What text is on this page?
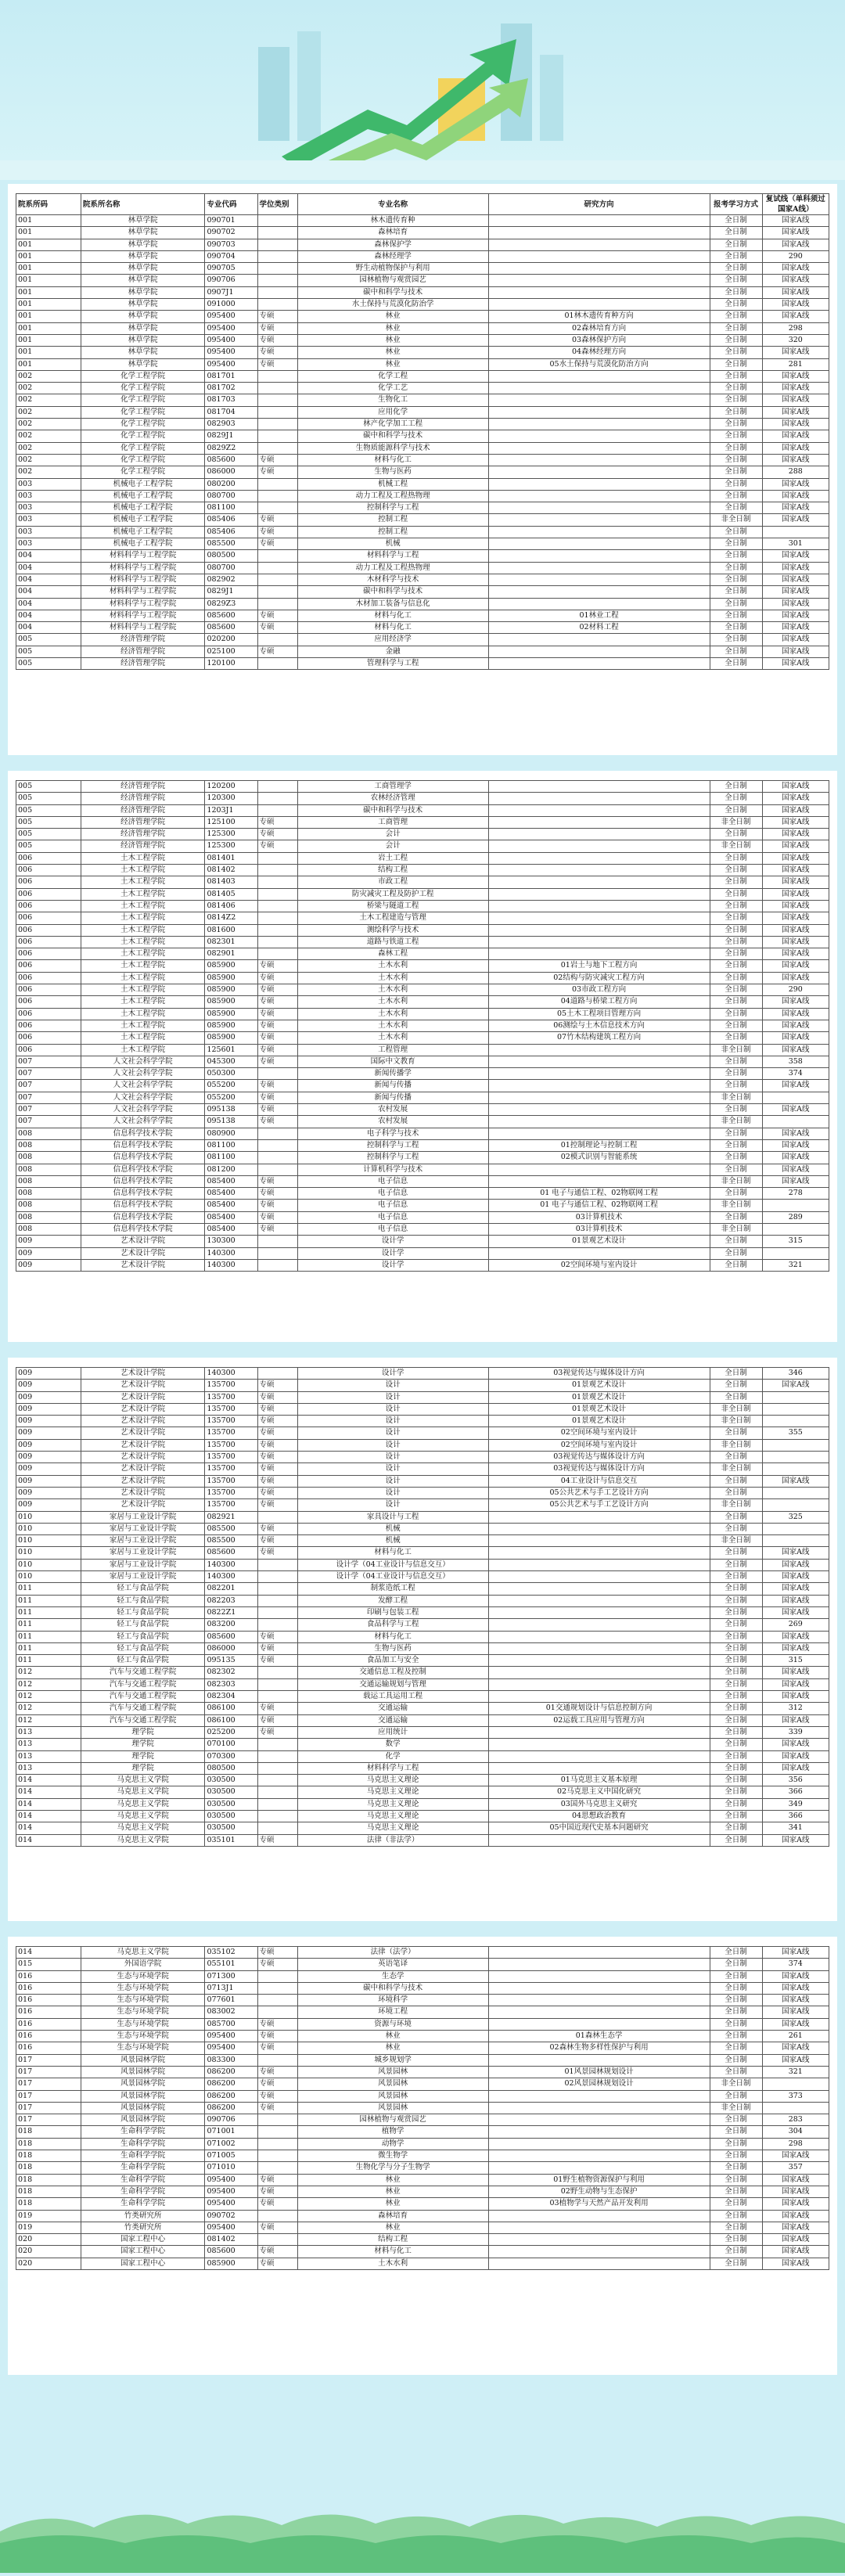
院系所码	院系所名称	专业代码	学位类别	专业名称	研究方向	报考学习方式	复试线（单科须过国家A线）
001	林草学院	090701		林木遗传育种		全日制	国家A线
001	林草学院	090702		森林培育		全日制	国家A线
001	林草学院	090703		森林保护学		全日制	国家A线
001	林草学院	090704		森林经理学		全日制	290
001	林草学院	090705		野生动植物保护与利用		全日制	国家A线
001	林草学院	090706		园林植物与观赏园艺		全日制	国家A线
001	林草学院	0907J1		碳中和科学与技术		全日制	国家A线
001	林草学院	091000		水土保持与荒漠化防治学		全日制	国家A线
001	林草学院	095400	专硕	林业	01林木遗传育种方向	全日制	国家A线
001	林草学院	095400	专硕	林业	02森林培育方向	全日制	298
001	林草学院	095400	专硕	林业	03森林保护方向	全日制	320
001	林草学院	095400	专硕	林业	04森林经理方向	全日制	国家A线
001	林草学院	095400	专硕	林业	05水土保持与荒漠化防治方向	全日制	281
002	化学工程学院	081701		化学工程		全日制	国家A线
002	化学工程学院	081702		化学工艺		全日制	国家A线
002	化学工程学院	081703		生物化工		全日制	国家A线
002	化学工程学院	081704		应用化学		全日制	国家A线
002	化学工程学院	082903		林产化学加工工程		全日制	国家A线
002	化学工程学院	0829J1		碳中和科学与技术		全日制	国家A线
002	化学工程学院	0829Z2		生物质能源科学与技术		全日制	国家A线
002	化学工程学院	085600	专硕	材料与化工		全日制	国家A线
002	化学工程学院	086000	专硕	生物与医药		全日制	288
003	机械电子工程学院	080200		机械工程		全日制	国家A线
003	机械电子工程学院	080700		动力工程及工程热物理		全日制	国家A线
003	机械电子工程学院	081100		控制科学与工程		全日制	国家A线
003	机械电子工程学院	085406	专硕	控制工程		非全日制	国家A线
003	机械电子工程学院	085406	专硕	控制工程		全日制	
003	机械电子工程学院	085500	专硕	机械		全日制	301
004	材料科学与工程学院	080500		材料科学与工程		全日制	国家A线
004	材料科学与工程学院	080700		动力工程及工程热物理		全日制	国家A线
004	材料科学与工程学院	082902		木材科学与技术		全日制	国家A线
004	材料科学与工程学院	0829J1		碳中和科学与技术		全日制	国家A线
004	材料科学与工程学院	0829Z3		木材加工装备与信息化		全日制	国家A线
004	材料科学与工程学院	085600	专硕	材料与化工	01林业工程	全日制	国家A线
004	材料科学与工程学院	085600	专硕	材料与化工	02材料工程	全日制	国家A线
005	经济管理学院	020200		应用经济学		全日制	国家A线
005	经济管理学院	025100	专硕	金融		全日制	国家A线
005	经济管理学院	120100		管理科学与工程		全日制	国家A线
005	经济管理学院	120200		工商管理学		全日制	国家A线
005	经济管理学院	120300		农林经济管理		全日制	国家A线
005	经济管理学院	1203J1		碳中和科学与技术		全日制	国家A线
005	经济管理学院	125100	专硕	工商管理		非全日制	国家A线
005	经济管理学院	125300	专硕	会计		全日制	国家A线
005	经济管理学院	125300	专硕	会计		非全日制	国家A线
006	土木工程学院	081401		岩土工程		全日制	国家A线
006	土木工程学院	081402		结构工程		全日制	国家A线
006	土木工程学院	081403		市政工程		全日制	国家A线
006	土木工程学院	081405		防灾减灾工程及防护工程		全日制	国家A线
006	土木工程学院	081406		桥梁与隧道工程		全日制	国家A线
006	土木工程学院	0814Z2		土木工程建造与管理		全日制	国家A线
006	土木工程学院	081600		测绘科学与技术		全日制	国家A线
006	土木工程学院	082301		道路与铁道工程		全日制	国家A线
006	土木工程学院	082901		森林工程		全日制	国家A线
006	土木工程学院	085900	专硕	土木水利	01岩土与地下工程方向	全日制	国家A线
006	土木工程学院	085900	专硕	土木水利	02结构与防灾减灾工程方向	全日制	国家A线
006	土木工程学院	085900	专硕	土木水利	03市政工程方向	全日制	290
006	土木工程学院	085900	专硕	土木水利	04道路与桥梁工程方向	全日制	国家A线
006	土木工程学院	085900	专硕	土木水利	05土木工程项目管理方向	全日制	国家A线
006	土木工程学院	085900	专硕	土木水利	06测绘与土木信息技术方向	全日制	国家A线
006	土木工程学院	085900	专硕	土木水利	07竹木结构建筑工程方向	全日制	国家A线
006	土木工程学院	125601	专硕	工程管理		非全日制	国家A线
007	人文社会科学学院	045300	专硕	国际中文教育		全日制	358
007	人文社会科学学院	050300		新闻传播学		全日制	374
007	人文社会科学学院	055200	专硕	新闻与传播		全日制	国家A线
007	人文社会科学学院	055200	专硕	新闻与传播		非全日制	
007	人文社会科学学院	095138	专硕	农村发展		全日制	国家A线
007	人文社会科学学院	095138	专硕	农村发展		非全日制	
008	信息科学技术学院	080900		电子科学与技术		全日制	国家A线
008	信息科学技术学院	081100		控制科学与工程	01控制理论与控制工程	全日制	国家A线
008	信息科学技术学院	081100		控制科学与工程	02模式识别与智能系统	全日制	国家A线
008	信息科学技术学院	081200		计算机科学与技术		全日制	国家A线
008	信息科学技术学院	085400	专硕	电子信息		非全日制	国家A线
008	信息科学技术学院	085400	专硕	电子信息	01 电子与通信工程、02物联网工程	全日制	278
008	信息科学技术学院	085400	专硕	电子信息	01 电子与通信工程、02物联网工程	非全日制	
008	信息科学技术学院	085400	专硕	电子信息	03计算机技术	全日制	289
008	信息科学技术学院	085400	专硕	电子信息	03计算机技术	非全日制	
009	艺术设计学院	130300		设计学	01景观艺术设计	全日制	315
009	艺术设计学院	140300		设计学		全日制	
009	艺术设计学院	140300		设计学	02空间环境与室内设计	全日制	321
009	艺术设计学院	140300		设计学	03视觉传达与媒体设计方向	全日制	346
009	艺术设计学院	135700	专硕	设计	01景观艺术设计	全日制	国家A线
009	艺术设计学院	135700	专硕	设计	01景观艺术设计	全日制	
009	艺术设计学院	135700	专硕	设计	01景观艺术设计	非全日制	
009	艺术设计学院	135700	专硕	设计	01景观艺术设计	非全日制	
009	艺术设计学院	135700	专硕	设计	02空间环境与室内设计	全日制	355
009	艺术设计学院	135700	专硕	设计	02空间环境与室内设计	非全日制	
009	艺术设计学院	135700	专硕	设计	03视觉传达与媒体设计方向	全日制	
009	艺术设计学院	135700	专硕	设计	03视觉传达与媒体设计方向	非全日制	
009	艺术设计学院	135700	专硕	设计	04工业设计与信息交互	全日制	国家A线
009	艺术设计学院	135700	专硕	设计	05公共艺术与手工艺设计方向	全日制	
009	艺术设计学院	135700	专硕	设计	05公共艺术与手工艺设计方向	非全日制	
010	家居与工业设计学院	082921		家具设计与工程		全日制	325
010	家居与工业设计学院	085500	专硕	机械		全日制	
010	家居与工业设计学院	085500	专硕	机械		非全日制	
010	家居与工业设计学院	085600	专硕	材料与化工		全日制	国家A线
010	家居与工业设计学院	140300		设计学（04工业设计与信息交互）		全日制	国家A线
010	家居与工业设计学院	140300		设计学（04工业设计与信息交互）		全日制	国家A线
011	轻工与食品学院	082201		制浆造纸工程		全日制	国家A线
011	轻工与食品学院	082203		发酵工程		全日制	国家A线
011	轻工与食品学院	0822Z1		印刷与包装工程		全日制	国家A线
011	轻工与食品学院	083200		食品科学与工程		全日制	269
011	轻工与食品学院	085600	专硕	材料与化工		全日制	国家A线
011	轻工与食品学院	086000	专硕	生物与医药		全日制	国家A线
011	轻工与食品学院	095135	专硕	食品加工与安全		全日制	315
012	汽车与交通工程学院	082302		交通信息工程及控制		全日制	国家A线
012	汽车与交通工程学院	082303		交通运输规划与管理		全日制	国家A线
012	汽车与交通工程学院	082304		载运工具运用工程		全日制	国家A线
012	汽车与交通工程学院	086100	专硕	交通运输	01交通规划设计与信息控制方向	全日制	312
012	汽车与交通工程学院	086100	专硕	交通运输	02运载工具应用与管理方向	全日制	国家A线
013	理学院	025200	专硕	应用统计		全日制	339
013	理学院	070100		数学		全日制	国家A线
013	理学院	070300		化学		全日制	国家A线
013	理学院	080500		材料科学与工程		全日制	国家A线
014	马克思主义学院	030500		马克思主义理论	01马克思主义基本原理	全日制	356
014	马克思主义学院	030500		马克思主义理论	02马克思主义中国化研究	全日制	366
014	马克思主义学院	030500		马克思主义理论	03国外马克思主义研究	全日制	349
014	马克思主义学院	030500		马克思主义理论	04思想政治教育	全日制	366
014	马克思主义学院	030500		马克思主义理论	05中国近现代史基本问题研究	全日制	341
014	马克思主义学院	035101	专硕	法律（非法学）		全日制	国家A线
014	马克思主义学院	035102	专硕	法律（法学）		全日制	国家A线
015	外国语学院	055101	专硕	英语笔译		全日制	374
016	生态与环境学院	071300		生态学		全日制	国家A线
016	生态与环境学院	0713J1		碳中和科学与技术		全日制	国家A线
016	生态与环境学院	077601		环境科学		全日制	国家A线
016	生态与环境学院	083002		环境工程		全日制	国家A线
016	生态与环境学院	085700	专硕	资源与环境		全日制	国家A线
016	生态与环境学院	095400	专硕	林业	01森林生态学	全日制	261
016	生态与环境学院	095400	专硕	林业	02森林生物多样性保护与利用	全日制	国家A线
017	风景园林学院	083300		城乡规划学		全日制	国家A线
017	风景园林学院	086200	专硕	风景园林	01风景园林规划设计	全日制	321
017	风景园林学院	086200	专硕	风景园林	02风景园林规划设计	非全日制	
017	风景园林学院	086200	专硕	风景园林		全日制	373
017	风景园林学院	086200	专硕	风景园林		非全日制	
017	风景园林学院	090706		园林植物与观赏园艺		全日制	283
018	生命科学学院	071001		植物学		全日制	304
018	生命科学学院	071002		动物学		全日制	298
018	生命科学学院	071005		微生物学		全日制	国家A线
018	生命科学学院	071010		生物化学与分子生物学		全日制	357
018	生命科学学院	095400	专硕	林业	01野生植物资源保护与利用	全日制	国家A线
018	生命科学学院	095400	专硕	林业	02野生动物与生态保护	全日制	国家A线
018	生命科学学院	095400	专硕	林业	03植物学与天然产品开发利用	全日制	国家A线
019	竹类研究所	090702		森林培育		全日制	国家A线
019	竹类研究所	095400	专硕	林业		全日制	国家A线
020	国家工程中心	081402		结构工程		全日制	国家A线
020	国家工程中心	085600	专硕	材料与化工		全日制	国家A线
020	国家工程中心	085900	专硕	土木水利		全日制	国家A线
